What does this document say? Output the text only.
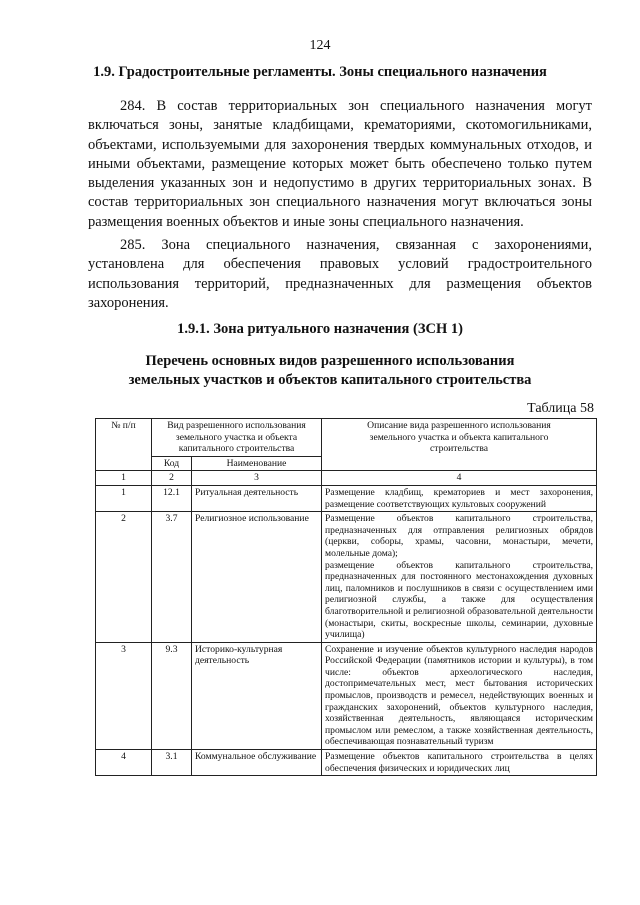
124
1.9. Градостроительные регламенты. Зоны специального назначения

284. В состав территориальных зон специального назначения могут включаться зоны, занятые кладбищами, крематориями, скотомогильниками, объектами, используемыми для захоронения твердых коммунальных отходов, и иными объектами, размещение которых может быть обеспечено только путем выделения указанных зон и недопустимо в других территориальных зонах. В состав территориальных зон специального назначения могут включаться зоны размещения военных объектов и иные зоны специального назначения.

285. Зона специального назначения, связанная с захоронениями, установлена для обеспечения правовых условий градостроительного использования территорий, предназначенных для размещения объектов захоронения.

1.9.1. Зона ритуального назначения (ЗСН 1)
Перечень основных видов разрешенного использования земельных участков и объектов капитального строительства
Таблица 58
№ п/п	Вид разрешенного использования земельного участка и объекта капитального строительства		Описание вида разрешенного использования земельного участка и объекта капитального строительства
	Код	Наименование	
1	2	3	4
1	12.1	Ритуальная деятельность	Размещение кладбищ, крематориев и мест захоронения, размещение соответствующих культовых сооружений
2	3.7	Религиозное использование	Размещение объектов капитального строительства, предназначенных для отправления религиозных обрядов (церкви, соборы, храмы, часовни, монастыри, мечети, молельные дома);
размещение объектов капитального строительства, предназначенных для постоянного местонахождения духовных лиц, паломников и послушников в связи с осуществлением ими религиозной службы, а также для осуществления благотворительной и религиозной образовательной деятельности (монастыри, скиты, воскресные школы, семинарии, духовные училища)

3	9.3	Историко-культурная деятельность	Сохранение и изучение объектов культурного наследия народов Российской Федерации (памятников истории и культуры), в том числе: объектов археологического наследия, достопримечательных мест, мест бытования исторических промыслов, производств и ремесел, недействующих военных и гражданских захоронений, объектов культурного наследия, хозяйственная деятельность, являющаяся историческим промыслом или ремеслом, а также хозяйственная деятельность, обеспечивающая познавательный туризм
4	3.1	Коммунальное обслуживание	Размещение объектов капитального строительства в целях обеспечения физических и юридических лиц
